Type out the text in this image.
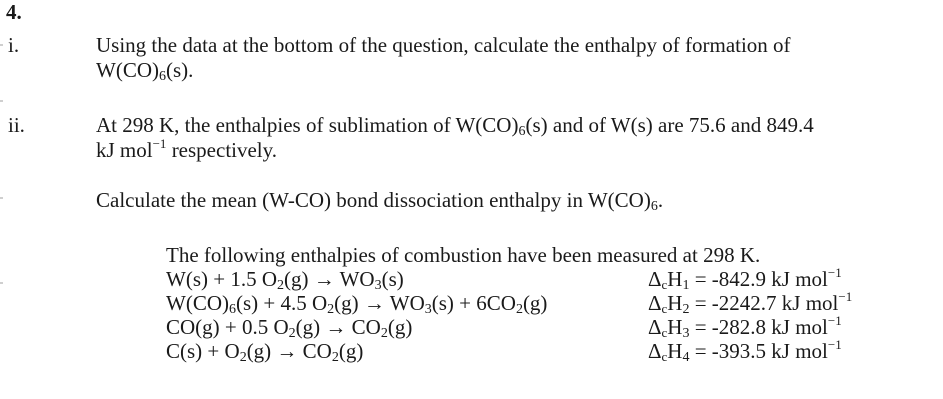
4.
i.	Using the data at the bottom of the question, calculate the enthalpy of formation of
$W(CO)_6(s)$.
ii.	At 298 K, the enthalpies of sublimation of $W(CO)_6(s)$ and of W(s) are 75.6 and 849.4
kJ mol$^{-1}$ respectively.
Calculate the mean (W-CO) bond dissociation enthalpy in $W(CO)_6$.
The following enthalpies of combustion have been measured at 298 K.
W(s) + 1.5 $O_2(g) \to WO_3(s)$	ΔcH$_1$ = -842.9 kJ mol$^{-1}$
$W(CO)_6(s) + 4.5$ $O_2(g) \to WO_3(s) + 6CO_2(g)$	ΔcH$_2$ = -2242.7 kJ mol$^{-1}$
CO(g) + 0.5 $O_2(g) \to CO_2(g)$	ΔcH$_3$ = -282.8 kJ mol$^{-1}$
$C(s) + O_2(g) \to CO_2(g)$	ΔcH$_4$ = -393.5 kJ mol$^{-1}$
